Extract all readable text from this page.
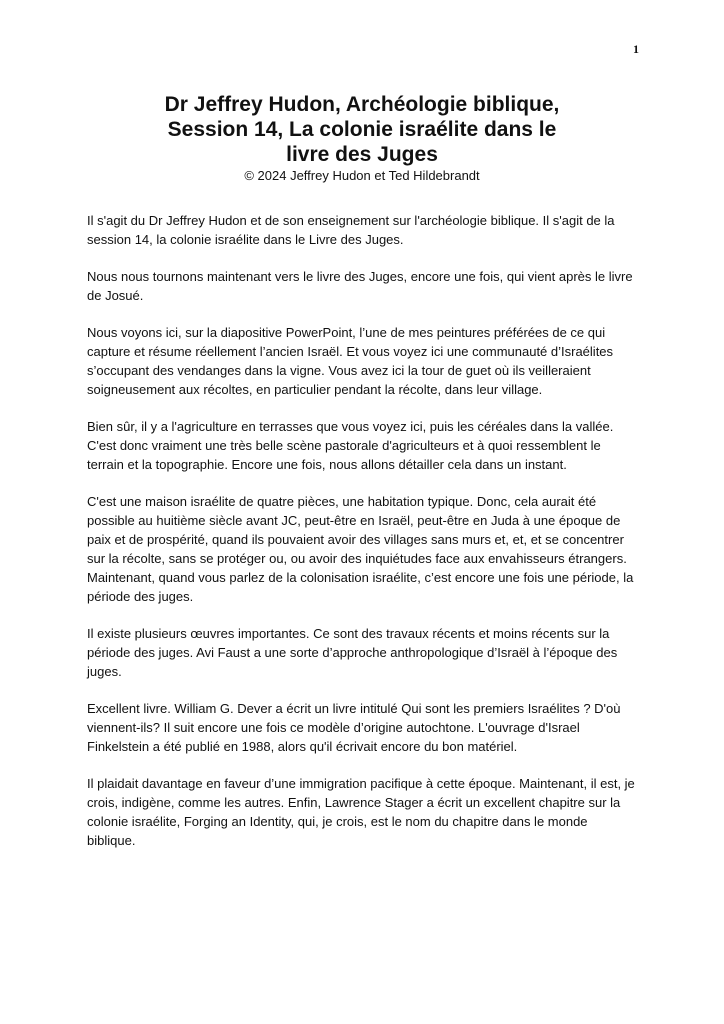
1

Dr Jeffrey Hudon, Archéologie biblique,

Session 14, La colonie israélite dans le

livre des Juges

© 2024 Jeffrey Hudon et Ted Hildebrandt

Il s'agit du Dr Jeffrey Hudon et de son enseignement sur l'archéologie biblique. Il s'agit de la session 14, la colonie israélite dans le Livre des Juges.

Nous nous tournons maintenant vers le livre des Juges, encore une fois, qui vient après le livre de Josué.

Nous voyons ici, sur la diapositive PowerPoint, l’une de mes peintures préférées de ce qui capture et résume réellement l’ancien Israël. Et vous voyez ici une communauté d’Israélites s’occupant des vendanges dans la vigne. Vous avez ici la tour de guet où ils veilleraient soigneusement aux récoltes, en particulier pendant la récolte, dans leur village.

Bien sûr, il y a l'agriculture en terrasses que vous voyez ici, puis les céréales dans la vallée. C'est donc vraiment une très belle scène pastorale d'agriculteurs et à quoi ressemblent le terrain et la topographie. Encore une fois, nous allons détailler cela dans un instant.

C'est une maison israélite de quatre pièces, une habitation typique. Donc, cela aurait été possible au huitième siècle avant JC, peut-être en Israël, peut-être en Juda à une époque de paix et de prospérité, quand ils pouvaient avoir des villages sans murs et, et, et se concentrer sur la récolte, sans se protéger ou, ou avoir des inquiétudes face aux envahisseurs étrangers. Maintenant, quand vous parlez de la colonisation israélite, c’est encore une fois une période, la période des juges.

Il existe plusieurs œuvres importantes. Ce sont des travaux récents et moins récents sur la période des juges. Avi Faust a une sorte d’approche anthropologique d’Israël à l’époque des juges.

Excellent livre. William G. Dever a écrit un livre intitulé Qui sont les premiers Israélites ? D'où viennent-ils? Il suit encore une fois ce modèle d’origine autochtone. L'ouvrage d'Israel Finkelstein a été publié en 1988, alors qu'il écrivait encore du bon matériel.

Il plaidait davantage en faveur d’une immigration pacifique à cette époque. Maintenant, il est, je crois, indigène, comme les autres. Enfin, Lawrence Stager a écrit un excellent chapitre sur la colonie israélite, Forging an Identity, qui, je crois, est le nom du chapitre dans le monde biblique.
